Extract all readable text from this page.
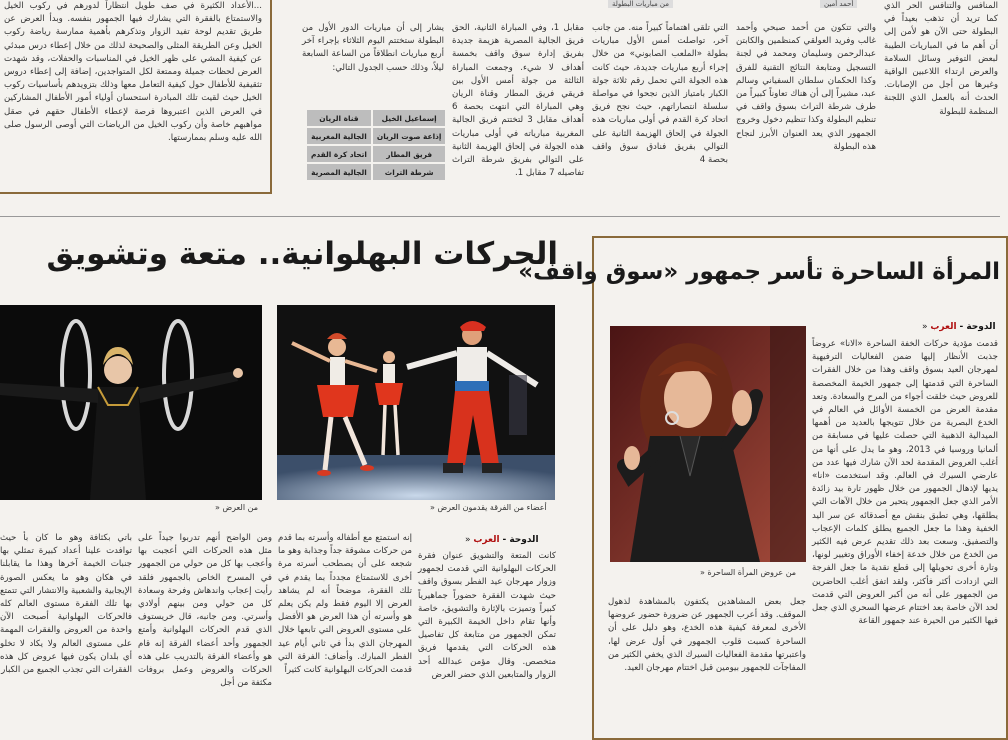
...الأعداد الكثيرة في صف طويل انتظاراً لدورهم في ركوب الخيل والاستمتاع بالفقرة التي يشارك فيها الجمهور بنفسه. وبدأ العرض عن طريق تقديم لوحة تفيد الزوار وتذكرهم بأهمية ممارسة رياضة ركوب الخيل وعن الطريقة المثلى والصحيحة لذلك من خلال إعطاء درس مبدئي عن كيفية المشي على ظهر الخيل في المناسبات والحفلات، وقد شهدت العرض لحظات جميلة وممتعة لكل المتواجدين، إضافة إلى إعطاء دروس تثقيفية للأطفال حول كيفية التعامل معها وذلك بتزويدهم بأساسيات ركوب الخيل حيث لقيت تلك المبادرة استحسان أولياء أمور الأطفال المشاركين في العرض الذين اعتبروها فرصة لإعطاء الأطفال حقهم في صقل مواهبهم خاصة وأن ركوب الخيل من الرياضات التي أوصى الرسول صلى الله عليه وسلم بممارستها.

يشار إلى أن مباريات الدور الأول من البطولة ستختتم اليوم الثلاثاء بإجراء آخر أربع مباريات انطلاقاً من الساعة السابعة ليلاً، وذلك حسب الجدول التالي:

إسماعيل الخيل	قناة الريان
إذاعة صوت الريان	الجالية المغربية
فريق المطار	اتحاد كرة القدم
شرطة التراث	الجالية المصرية

مقابل 1، وفي المباراة الثانية، الحق فريق الجالية المصرية هزيمة جديدة بفريق إدارة سوق واقف بخمسة أهداف لا شيء. وجمعت المباراة الثالثة من جولة أمس الأول بين فريقي فريق المطار وقناة الريان وهي المباراة التي انتهت بحصة 6 أهداف مقابل 3 لتختتم فريق الجالية المغربية مبارياته في أولى مباريات هذه الجولة في إلحاق الهزيمة الثانية على التوالي بفريق شرطة التراث تفاصيله 7 مقابل 1.

التي تلقى اهتماماً كبيراً منه. من جانب آخر، تواصلت أمس الأول مباريات بطولة «الملعب الصابوني» من خلال إجراء أربع مباريات جديدة، حيث كانت هذه الجولة التي تحمل رقم ثلاثة جولة الكبار بامتياز الذين نجحوا في مواصلة سلسلة انتصاراتهم، حيث نجح فريق اتحاد كرة القدم في أولى مباريات هذه الجولة في إلحاق الهزيمة الثانية على التوالي بفريق فنادق سوق واقف بحصة 4

من مباريات البطولة

والتي تتكون من أحمد صبحي وأحمد غالب وفريد العولقي كمنظمين والكابتن عبدالرحمن وسليمان ومحمد في لجنة التسجيل ومتابعة النتائج التقنية للفرق وكذا الحكمان سلطان السفياني وسالم عبد، مشيراً إلى أن هناك تعاوناً كبيراً من طرف شرطة التراث بسوق واقف في تنظيم البطولة وكذا تنظيم دخول وخروج الجمهور الذي يعد العنوان الأبرز لنجاح هذه البطولة

أحمد أمين	المنافس والتنافس الحر الذي كما تريد أن تذهب بعيداً في البطولة حتى الآن هو لأمن إلى أن أهم ما في المباريات الطيبة لبعض التوفير وسائل السلامة والعرض ارتداء اللاعبين الواقية وغيرها من أجل من الإصابات. الحدث أنه بالعمل الذي اللجنة المنظمة للبطولة

الحركات البهلوانية.. متعة وتشويق
أعضاء من الفرقة يقدمون العرض «
من العرض «
الدوحة - العرب «

كانت المتعة والتشويق عنوان فقرة الحركات البهلوانية التي قدمت لجمهور وزوار مهرجان عيد الفطر بسوق واقف حيث شهدت الفقرة حضوراً جماهيرياً كبيراً وتميزت بالإثارة والتشويق، خاصة وأنها تقام داخل الخيمة الكبيرة التي تمكن الجمهور من متابعة كل تفاصيل هذه الحركات التي يقدمها فريق متخصص. وقال مؤمن عبدالله أحد الزوار والمتابعين الذي حضر العرض

إنه استمتع مع أطفاله وأسرته بما قدم من حركات مشوقة جداً وجذابة وهو ما شجعه على أن يصطحب أسرته مرة أخرى للاستمتاع مجدداً بما يقدم في تلك الفقرة، موضحاً أنه لم يشاهد العرض إلا اليوم فقط ولم يكن يعلم هو وأسرته أن هذا العرض هو الأفضل على مستوى العروض التي تابعها خلال المهرجان الذي بدأ في ثاني أيام عيد الفطر المبارك. وأضاف: الفرقة التي قدمت الحركات البهلوانية كانت كثيراً

ومن الواضح أنهم تدربوا جيداً على مثل هذه الحركات التي أعجبت بها وأعجب بها كل من حولي من الجمهور في المسرح الخاص بالجمهور فلقد رأيت إعجاب واندهاش وفرحة وسعادة كل من حولي ومن بينهم أولادي وأسرتي. ومن جانبه، قال خريستوف الذي قدم الحركات البهلوانية وأمتع الجمهور وأحد أعضاء الفرقة إنه قام هو وأعضاء الفرقة بالتدريب على هذه الحركات والعروض وعمل بروفات مكثفة من أجل

باتي بكثافة وهو ما كان بأ حيث توافدت علينا أعداد كبيرة تمثلي بها جنبات الخيمة آخرها وهذا ما يقابلنا في هكان وهو ما يعكس الصورة الإيجابية والشعبية والانتشار التي تتمتع بها تلك الفقرة مستوى العالم كله فالحركات البهلوانية أصبحت الآن واحدة من العروض والفقرات المهمة على مستوى العالم ولا يكاد لا تخلو أي بلدان يكون فيها عروض كل هذه الفقرات التي تجذب الجميع من الكبار

المرأة الساحرة تأسر جمهور «سوق واقف»
من عروض المرأة الساحرة «
الدوحة - العرب «

قدمت مؤدية حركات الخفة الساحرة «الانا» عروضاً جذبت الأنظار إليها ضمن الفعاليات الترفيهية لمهرجان العيد بسوق واقف وهذا من خلال الفقرات الساحرة التي قدمتها إلى جمهور الخيمة المخصصة للعروض حيث خلقت أجواء من المرح والسعادة. وتعد مقدمة العرض من الخمسة الأوائل في العالم في الخدع البصرية من خلال تتويجها بالعديد من أهمها الميدالية الذهبية التي حصلت عليها في مسابقة من ألمانيا وروسيا في 2013، وهو ما يدل على أنها من أغلب العروض المقدمة لحد الآن شارك فيها عدد من عارضي السيرك في العالم. وقد استخدمت «انا» يديها لإذهال الجمهور من خلال ظهور تارة بيد زائدة الأمر الذي جعل الجمهور يتحير من خلال الآهات التي يطلقها، وهي تطبق بنقش مع أصدقائه عن سر اليد الخفية وهذا ما جعل الجميع يطلق كلمات الإعجاب والتصفيق. وسعت بعد ذلك تقديم عرض فيه الكثير من الخدع من خلال خدعة إخفاء الأوراق وتغيير لونها، وتارة أخرى تحويلها إلى قطع نقدية ما جعل الفرجة التي ازدادت أكثر فأكثر، ولقد اتفق أغلب الحاضرين من الجمهور على أنه من أكبر العروض التي قدمت لحد الآن خاصة بعد اختتام عرضها السحري الذي جعل فيها الكثير من الحيرة عند جمهور القاعة

جعل بعض المشاهدين يكتفون بالمشاهدة لذهول الموقف. وقد أعرب الجمهور عن ضرورة حضور عروضها الأخرى لمعرفة كيفية هذه الخدع، وهو دليل على أن الساحرة كسبت قلوب الجمهور في أول عرض لها، واعتبرتها مقدمة الفعاليات السيرك الذي يخفي الكثير من المفاجآت للجمهور بيومين قبل اختتام مهرجان العيد.
